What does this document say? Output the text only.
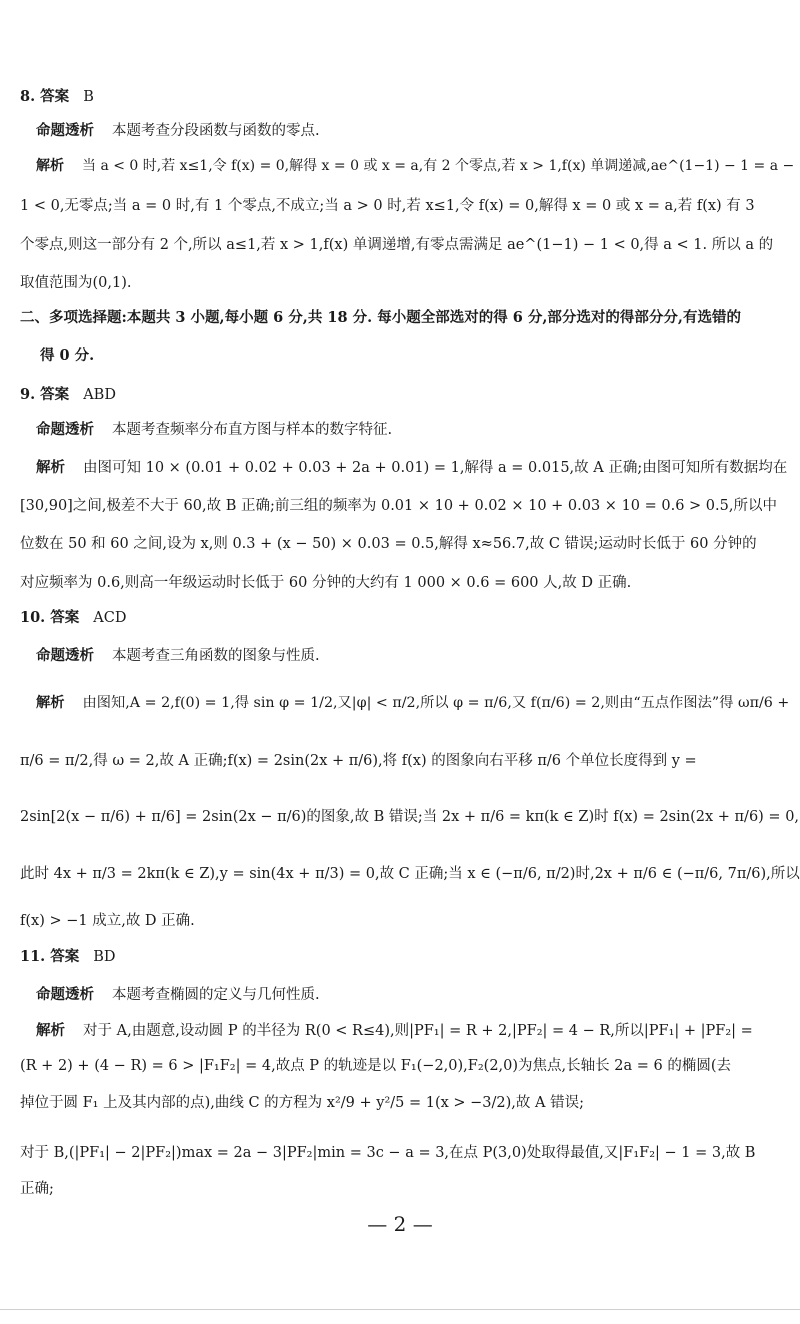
8. 答案 B
命题透析 本题考查分段函数与函数的零点.
解析 当 a < 0 时,若 x≤1,令 f(x) = 0,解得 x = 0 或 x = a,有 2 个零点,若 x > 1,f(x) 单调递减,ae^(1−1) − 1 = a −
1 < 0,无零点;当 a = 0 时,有 1 个零点,不成立;当 a > 0 时,若 x≤1,令 f(x) = 0,解得 x = 0 或 x = a,若 f(x) 有 3
个零点,则这一部分有 2 个,所以 a≤1,若 x > 1,f(x) 单调递增,有零点需满足 ae^(1−1) − 1 < 0,得 a < 1. 所以 a 的
取值范围为(0,1).
二、多项选择题:本题共 3 小题,每小题 6 分,共 18 分. 每小题全部选对的得 6 分,部分选对的得部分分,有选错的
得 0 分.
9. 答案 ABD
命题透析 本题考查频率分布直方图与样本的数字特征.
解析 由图可知 10 × (0.01 + 0.02 + 0.03 + 2a + 0.01) = 1,解得 a = 0.015,故 A 正确;由图可知所有数据均在
[30,90]之间,极差不大于 60,故 B 正确;前三组的频率为 0.01 × 10 + 0.02 × 10 + 0.03 × 10 = 0.6 > 0.5,所以中
位数在 50 和 60 之间,设为 x,则 0.3 + (x − 50) × 0.03 = 0.5,解得 x≈56.7,故 C 错误;运动时长低于 60 分钟的
对应频率为 0.6,则高一年级运动时长低于 60 分钟的大约有 1 000 × 0.6 = 600 人,故 D 正确.
10. 答案 ACD
命题透析 本题考查三角函数的图象与性质.
解析 由图知,A = 2,f(0) = 1,得 sin φ = 1/2,又|φ| < π/2,所以 φ = π/6,又 f(π/6) = 2,则由“五点作图法”得 ωπ/6 +
π/6 = π/2,得 ω = 2,故 A 正确;f(x) = 2sin(2x + π/6),将 f(x) 的图象向右平移 π/6 个单位长度得到 y =
2sin[2(x − π/6) + π/6] = 2sin(2x − π/6)的图象,故 B 错误;当 2x + π/6 = kπ(k ∈ Z)时 f(x) = 2sin(2x + π/6) = 0,
此时 4x + π/3 = 2kπ(k ∈ Z),y = sin(4x + π/3) = 0,故 C 正确;当 x ∈ (−π/6, π/2)时,2x + π/6 ∈ (−π/6, 7π/6),所以
f(x) > −1 成立,故 D 正确.
11. 答案 BD
命题透析 本题考查椭圆的定义与几何性质.
解析 对于 A,由题意,设动圆 P 的半径为 R(0 < R≤4),则|PF₁| = R + 2,|PF₂| = 4 − R,所以|PF₁| + |PF₂| =
(R + 2) + (4 − R) = 6 > |F₁F₂| = 4,故点 P 的轨迹是以 F₁(−2,0),F₂(2,0)为焦点,长轴长 2a = 6 的椭圆(去
掉位于圆 F₁ 上及其内部的点),曲线 C 的方程为 x²/9 + y²/5 = 1(x > −3/2),故 A 错误;
对于 B,(|PF₁| − 2|PF₂|)max = 2a − 3|PF₂|min = 3c − a = 3,在点 P(3,0)处取得最值,又|F₁F₂| − 1 = 3,故 B
正确;
— 2 —
